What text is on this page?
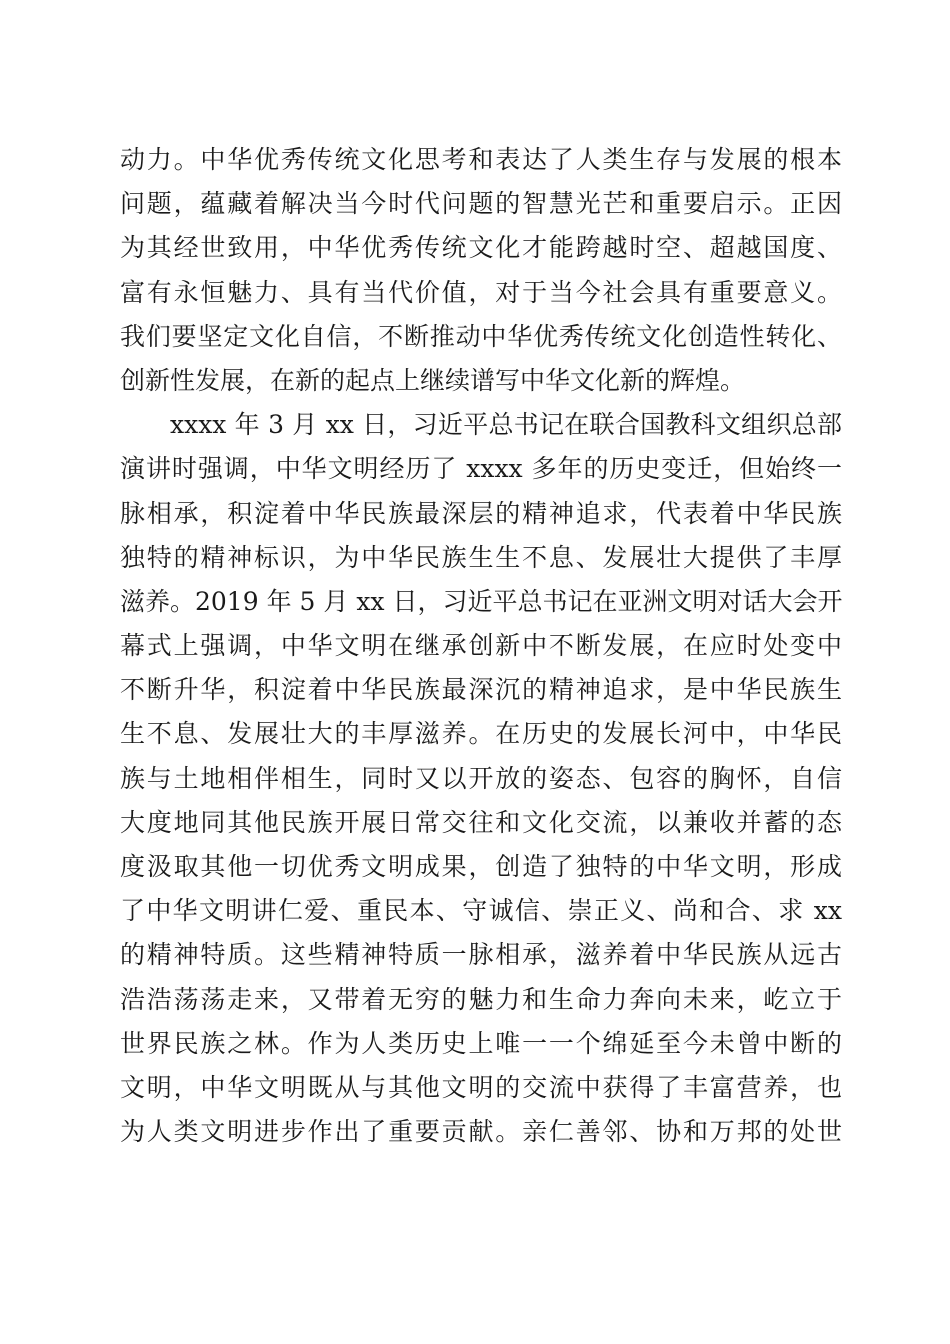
动力。中华优秀传统文化思考和表达了人类生存与发展的根本
问题，蕴藏着解决当今时代问题的智慧光芒和重要启示。正因
为其经世致用，中华优秀传统文化才能跨越时空、超越国度、
富有永恒魅力、具有当代价值，对于当今社会具有重要意义。
我们要坚定文化自信，不断推动中华优秀传统文化创造性转化、
创新性发展，在新的起点上继续谱写中华文化新的辉煌。
xxxx 年 3 月 xx 日，习近平总书记在联合国教科文组织总部
演讲时强调，中华文明经历了 xxxx 多年的历史变迁，但始终一
脉相承，积淀着中华民族最深层的精神追求，代表着中华民族
独特的精神标识，为中华民族生生不息、发展壮大提供了丰厚
滋养。2019 年 5 月 xx 日，习近平总书记在亚洲文明对话大会开
幕式上强调，中华文明在继承创新中不断发展，在应时处变中
不断升华，积淀着中华民族最深沉的精神追求，是中华民族生
生不息、发展壮大的丰厚滋养。在历史的发展长河中，中华民
族与土地相伴相生，同时又以开放的姿态、包容的胸怀，自信
大度地同其他民族开展日常交往和文化交流，以兼收并蓄的态
度汲取其他一切优秀文明成果，创造了独特的中华文明，形成
了中华文明讲仁爱、重民本、守诚信、崇正义、尚和合、求 xx
的精神特质。这些精神特质一脉相承，滋养着中华民族从远古
浩浩荡荡走来，又带着无穷的魅力和生命力奔向未来，屹立于
世界民族之林。作为人类历史上唯一一个绵延至今未曾中断的
文明，中华文明既从与其他文明的交流中获得了丰富营养，也
为人类文明进步作出了重要贡献。亲仁善邻、协和万邦的处世
